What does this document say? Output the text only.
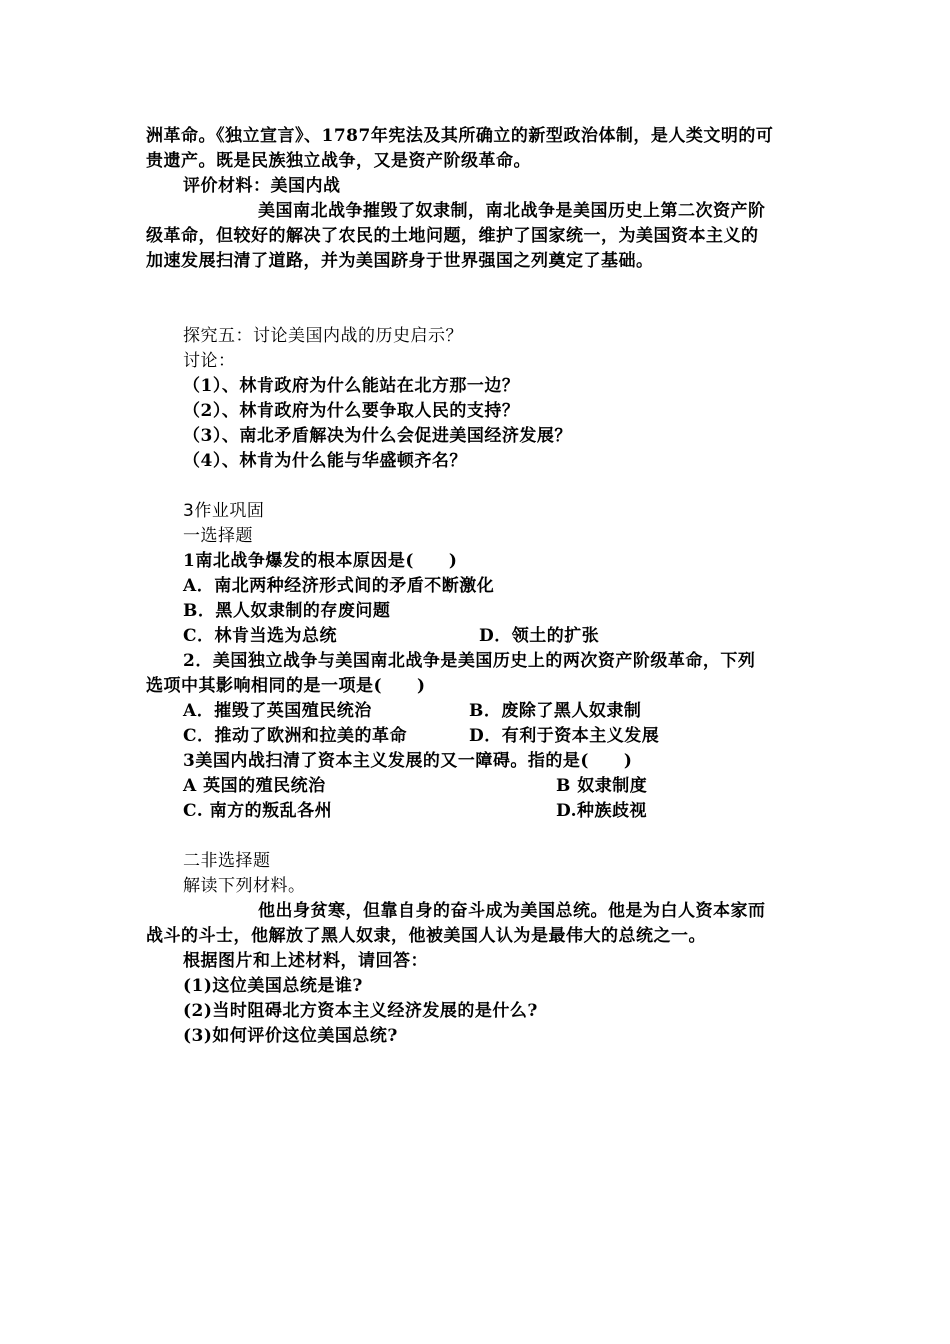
洲革命。《独立宣言》、1787年宪法及其所确立的新型政治体制，是人类文明的可
贵遗产。既是民族独立战争，又是资产阶级革命。
评价材料：美国内战
美国南北战争摧毁了奴隶制，南北战争是美国历史上第二次资产阶
级革命，但较好的解决了农民的土地问题，维护了国家统一，为美国资本主义的
加速发展扫清了道路，并为美国跻身于世界强国之列奠定了基础。
探究五：讨论美国内战的历史启示？
讨论：
（1）、林肯政府为什么能站在北方那一边？
（2）、林肯政府为什么要争取人民的支持？
（3）、南北矛盾解决为什么会促进美国经济发展？
（4）、林肯为什么能与华盛顿齐名？
3作业巩固
一选择题
1南北战争爆发的根本原因是(　　)
A．南北两种经济形式间的矛盾不断激化
B．黑人奴隶制的存废问题
C．林肯当选为总统	D．领土的扩张
2．美国独立战争与美国南北战争是美国历史上的两次资产阶级革命，下列
选项中其影响相同的是一项是(　　)
A．摧毁了英国殖民统治	B．废除了黑人奴隶制
C．推动了欧洲和拉美的革命	D．有利于资本主义发展
3美国内战扫清了资本主义发展的又一障碍。指的是(　　)
A 英国的殖民统治	B 奴隶制度
C. 南方的叛乱各州	D.种族歧视
二非选择题
解读下列材料。
他出身贫寒，但靠自身的奋斗成为美国总统。他是为白人资本家而
战斗的斗士，他解放了黑人奴隶，他被美国人认为是最伟大的总统之一。
根据图片和上述材料，请回答：
(1)这位美国总统是谁?
(2)当时阻碍北方资本主义经济发展的是什么?
(3)如何评价这位美国总统?
